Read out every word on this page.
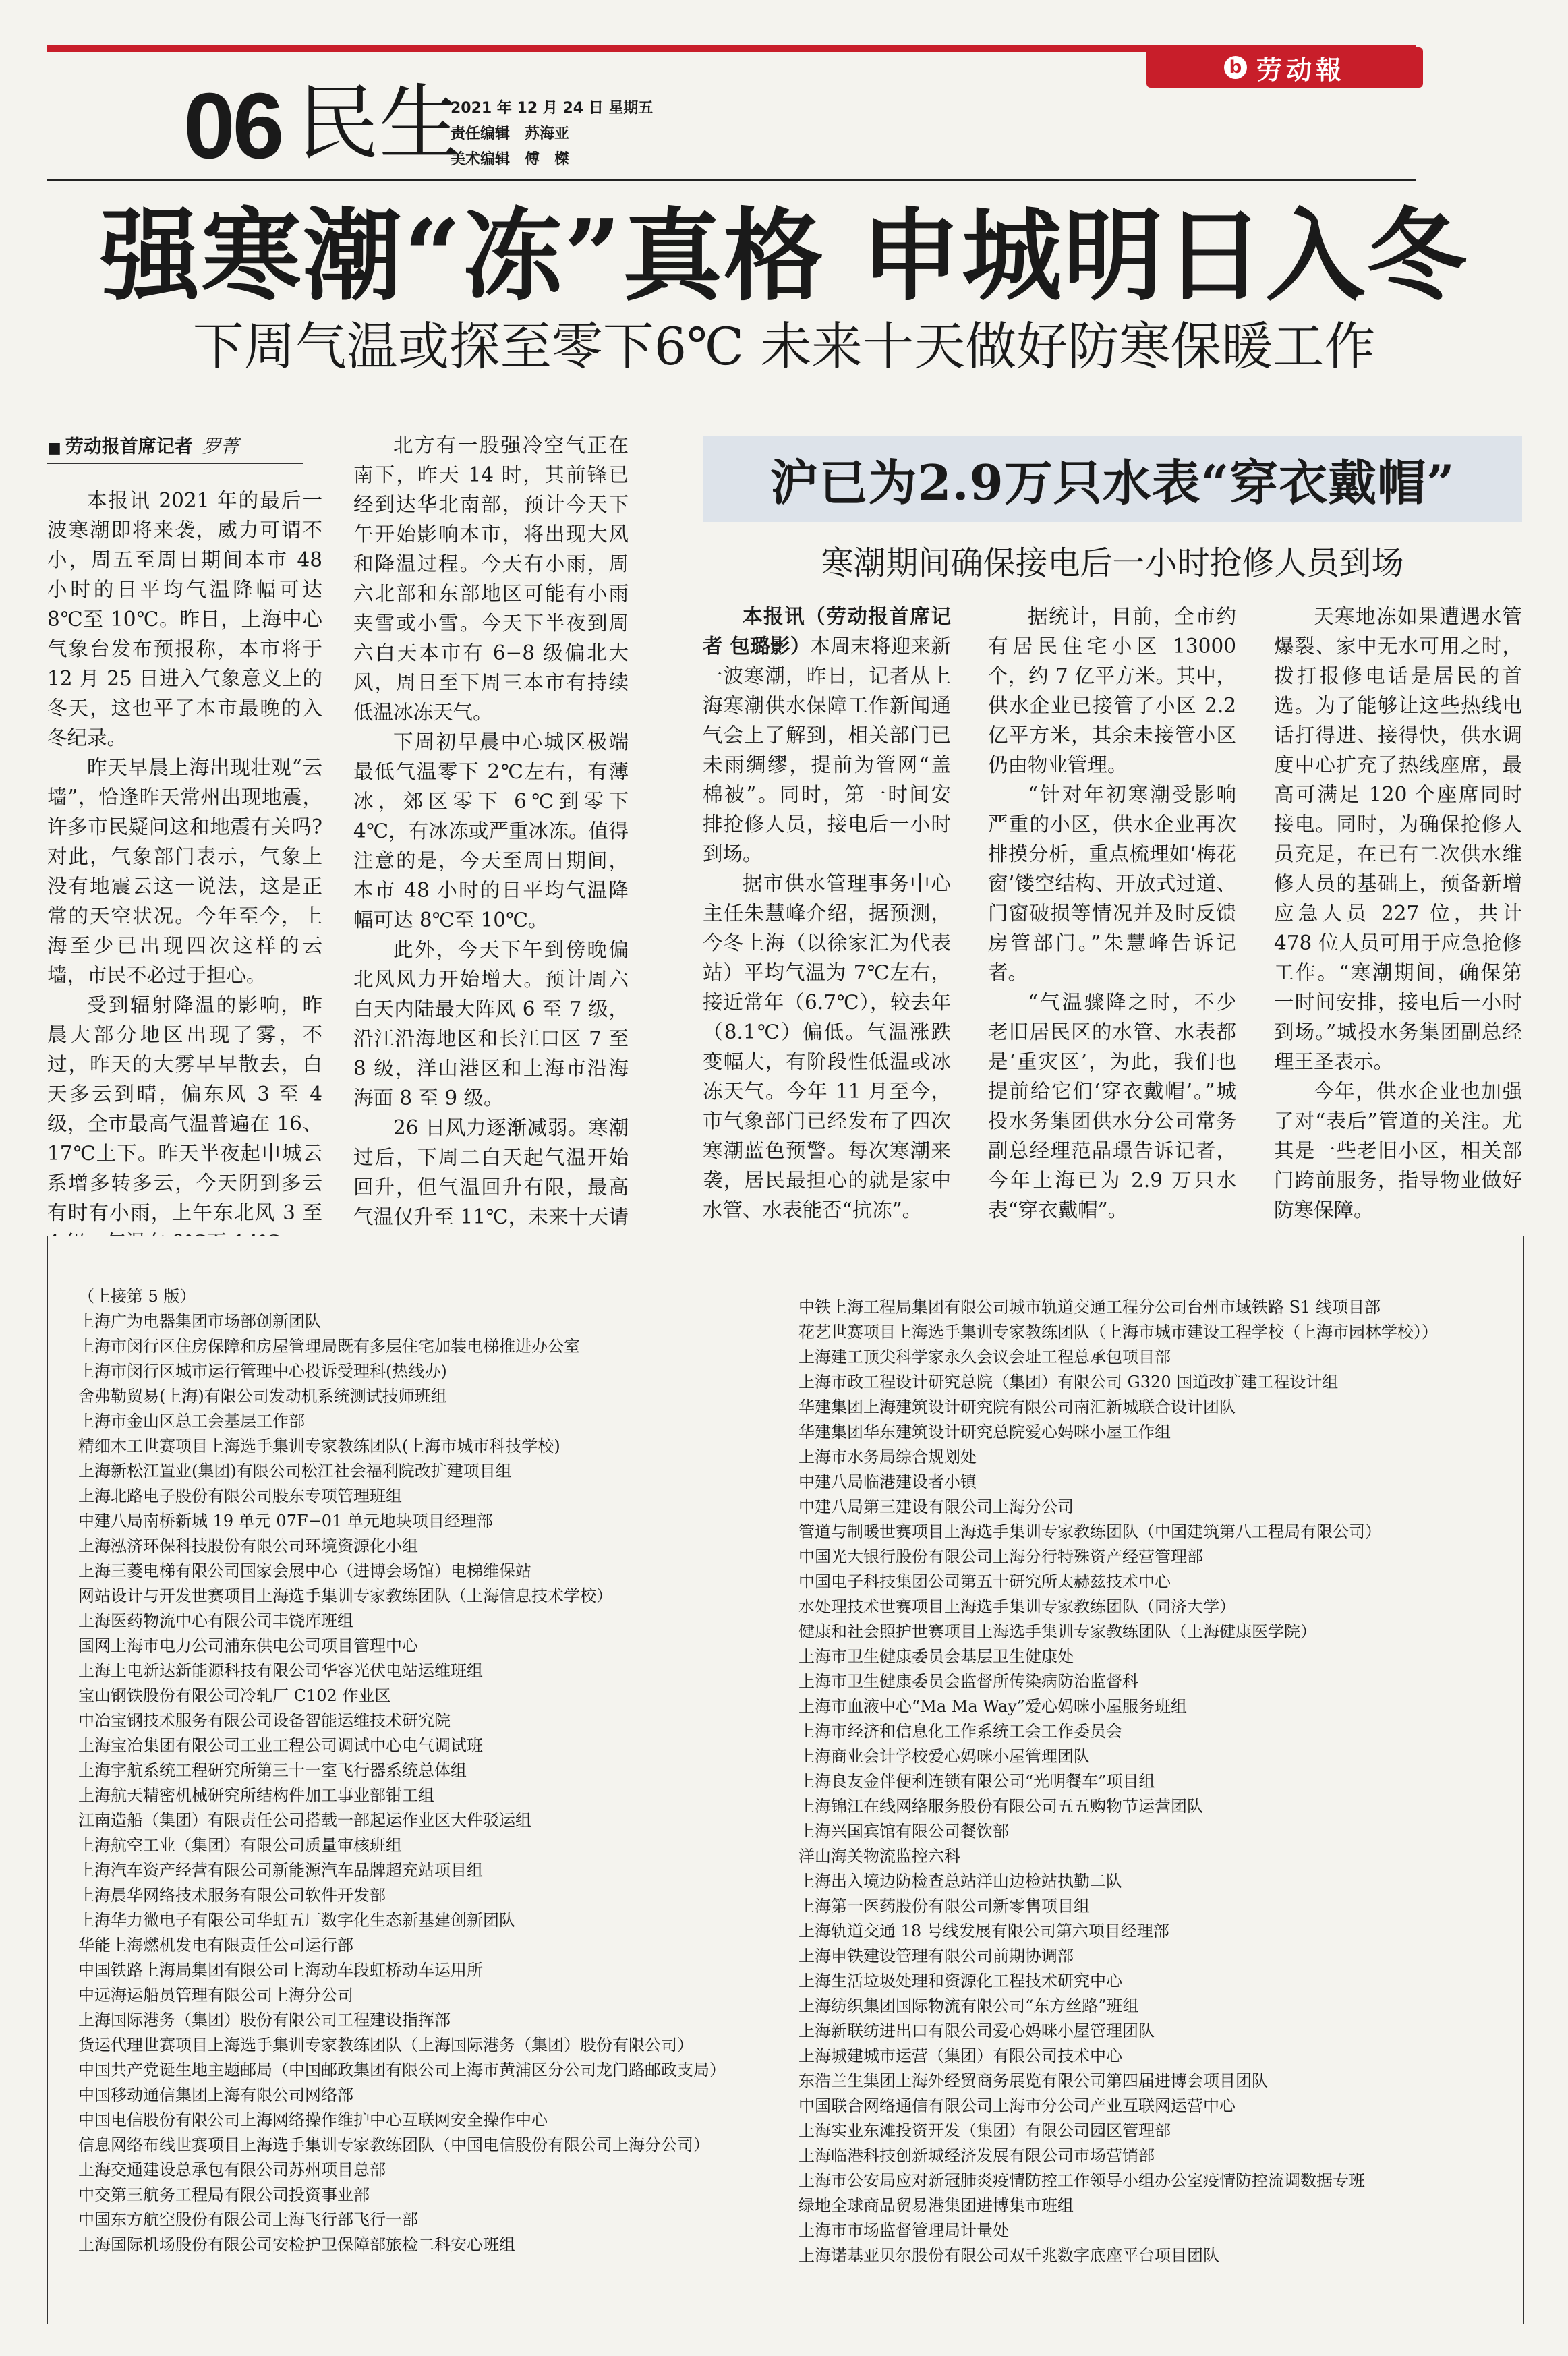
b 劳动報
06 民生
2021 年 12 月 24 日 星期五
责任编辑　 苏海亚
美术编辑　 傅　榤
强寒潮“冻”真格 申城明日入冬
下周气温或探至零下6℃ 未来十天做好防寒保暖工作
■ 劳动报首席记者 罗菁

本报讯 2021 年的最后一波寒潮即将来袭，威力可谓不小，周五至周日期间本市 48 小时的日平均气温降幅可达 8℃至 10℃。昨日，上海中心气象台发布预报称，本市将于 12 月 25 日进入气象意义上的冬天，这也平了本市最晚的入冬纪录。

昨天早晨上海出现壮观“云墙”，恰逢昨天常州出现地震，许多市民疑问这和地震有关吗?对此，气象部门表示，气象上没有地震云这一说法，这是正常的天空状况。今年至今，上海至少已出现四次这样的云墙，市民不必过于担心。

受到辐射降温的影响，昨晨大部分地区出现了雾，不过，昨天的大雾早早散去，白天多云到晴，偏东风 3 至 4 级，全市最高气温普遍在 16、17℃上下。昨天半夜起申城云系增多转多云，今天阴到多云有时有小雨，上午东北风 3 至

北方有一股强冷空气正在南下，昨天 14 时，其前锋已经到达华北南部，预计今天下午开始影响本市，将出现大风和降温过程。今天有小雨，周六北部和东部地区可能有小雨夹雪或小雪。今天下半夜到周六白天本市有 6−8 级偏北大风，周日至下周三本市有持续低温冰冻天气。

下周初早晨中心城区极端最低气温零下 2℃左右，有薄冰，郊区零下 6℃到零下 4℃，有冰冻或严重冰冻。值得注意的是，今天至周日期间，本市 48 小时的日平均气温降幅可达 8℃至 10℃。

此外，今天下午到傍晚偏北风风力开始增大。预计周六白天内陆最大阵风 6 至 7 级，沿江沿海地区和长江口区 7 至 8 级，洋山港区和上海市沿海海面 8 至 9 级。

26 日风力逐渐减弱。寒潮过后，下周二白天起气温开始回升，但气温回升有限，最高气温仅升至 11℃，未来十天请

沪已为2.9万只水表“穿衣戴帽”
寒潮期间确保接电后一小时抢修人员到场

本报讯（劳动报首席记者 包璐影）本周末将迎来新一波寒潮，昨日，记者从上海寒潮供水保障工作新闻通气会上了解到，相关部门已未雨绸缪，提前为管网“盖棉被”。同时，第一时间安排抢修人员，接电后一小时到场。

据市供水管理事务中心主任朱慧峰介绍，据预测，今冬上海（以徐家汇为代表站）平均气温为 7℃左右，接近常年（6.7℃），较去年（8.1℃）偏低。气温涨跌变幅大，有阶段性低温或冰冻天气。今年 11 月至今，市气象部门已经发布了四次寒潮蓝色预警。每次寒潮来袭，居民最担心的就是家中水管、水表能否“抗冻”。

据统计，目前，全市约有居民住宅小区 13000 个，约 7 亿平方米。其中，供水企业已接管了小区 2.2 亿平方米，其余未接管小区仍由物业管理。

“针对年初寒潮受影响严重的小区，供水企业再次排摸分析，重点梳理如‘梅花窗’镂空结构、开放式过道、门窗破损等情况并及时反馈房管部门。”朱慧峰告诉记者。

“气温骤降之时，不少老旧居民区的水管、水表都是‘重灾区’，为此，我们也提前给它们‘穿衣戴帽’。”城投水务集团供水分公司常务副总经理范晶璟告诉记者，今年上海已为 2.9 万只水表“穿衣戴帽”。

天寒地冻如果遭遇水管爆裂、家中无水可用之时，拨打报修电话是居民的首选。为了能够让这些热线电话打得进、接得快，供水调度中心扩充了热线座席，最高可满足 120 个座席同时接电。同时，为确保抢修人员充足，在已有二次供水维修人员的基础上，预备新增应急人员 227 位，共计 478 位人员可用于应急抢修工作。“寒潮期间，确保第一时间安排，接电后一小时到场。”城投水务集团副总经理王圣表示。

今年，供水企业也加强了对“表后”管道的关注。尤其是一些老旧小区，相关部门跨前服务，指导物业做好防寒保障。

（上接第 5 版）
上海广为电器集团市场部创新团队
上海市闵行区住房保障和房屋管理局既有多层住宅加装电梯推进办公室
上海市闵行区城市运行管理中心投诉受理科(热线办)
舍弗勒贸易(上海)有限公司发动机系统测试技师班组
上海市金山区总工会基层工作部
精细木工世赛项目上海选手集训专家教练团队(上海市城市科技学校)
上海新松江置业(集团)有限公司松江社会福利院改扩建项目组
上海北路电子股份有限公司股东专项管理班组
中建八局南桥新城 19 单元 07F−01 单元地块项目经理部
上海泓济环保科技股份有限公司环境资源化小组
上海三菱电梯有限公司国家会展中心（进博会场馆）电梯维保站
网站设计与开发世赛项目上海选手集训专家教练团队（上海信息技术学校）
上海医药物流中心有限公司丰饶库班组
国网上海市电力公司浦东供电公司项目管理中心
上海上电新达新能源科技有限公司华容光伏电站运维班组
宝山钢铁股份有限公司冷轧厂 C102 作业区
中冶宝钢技术服务有限公司设备智能运维技术研究院
上海宝冶集团有限公司工业工程公司调试中心电气调试班
上海宇航系统工程研究所第三十一室飞行器系统总体组
上海航天精密机械研究所结构件加工事业部钳工组
江南造船（集团）有限责任公司搭载一部起运作业区大件驳运组
上海航空工业（集团）有限公司质量审核班组
上海汽车资产经营有限公司新能源汽车品牌超充站项目组
上海晨华网络技术服务有限公司软件开发部
上海华力微电子有限公司华虹五厂数字化生态新基建创新团队
华能上海燃机发电有限责任公司运行部
中国铁路上海局集团有限公司上海动车段虹桥动车运用所
中远海运船员管理有限公司上海分公司
上海国际港务（集团）股份有限公司工程建设指挥部
货运代理世赛项目上海选手集训专家教练团队（上海国际港务（集团）股份有限公司）
中国共产党诞生地主题邮局（中国邮政集团有限公司上海市黄浦区分公司龙门路邮政支局）
中国移动通信集团上海有限公司网络部
中国电信股份有限公司上海网络操作维护中心互联网安全操作中心
信息网络布线世赛项目上海选手集训专家教练团队（中国电信股份有限公司上海分公司）
上海交通建设总承包有限公司苏州项目总部
中交第三航务工程局有限公司投资事业部
中国东方航空股份有限公司上海飞行部飞行一部
上海国际机场股份有限公司安检护卫保障部旅检二科安心班组
中铁上海工程局集团有限公司城市轨道交通工程分公司台州市域铁路 S1 线项目部
花艺世赛项目上海选手集训专家教练团队（上海市城市建设工程学校（上海市园林学校））
上海建工顶尖科学家永久会议会址工程总承包项目部
上海市政工程设计研究总院（集团）有限公司 G320 国道改扩建工程设计组
华建集团上海建筑设计研究院有限公司南汇新城联合设计团队
华建集团华东建筑设计研究总院爱心妈咪小屋工作组
上海市水务局综合规划处
中建八局临港建设者小镇
中建八局第三建设有限公司上海分公司
管道与制暖世赛项目上海选手集训专家教练团队（中国建筑第八工程局有限公司）
中国光大银行股份有限公司上海分行特殊资产经营管理部
中国电子科技集团公司第五十研究所太赫兹技术中心
水处理技术世赛项目上海选手集训专家教练团队（同济大学）
健康和社会照护世赛项目上海选手集训专家教练团队（上海健康医学院）
上海市卫生健康委员会基层卫生健康处
上海市卫生健康委员会监督所传染病防治监督科
上海市血液中心“Ma Ma Way”爱心妈咪小屋服务班组
上海市经济和信息化工作系统工会工作委员会
上海商业会计学校爱心妈咪小屋管理团队
上海良友金伴便利连锁有限公司“光明餐车”项目组
上海锦江在线网络服务股份有限公司五五购物节运营团队
上海兴国宾馆有限公司餐饮部
洋山海关物流监控六科
上海出入境边防检查总站洋山边检站执勤二队
上海第一医药股份有限公司新零售项目组
上海轨道交通 18 号线发展有限公司第六项目经理部
上海申铁建设管理有限公司前期协调部
上海生活垃圾处理和资源化工程技术研究中心
上海纺织集团国际物流有限公司“东方丝路”班组
上海新联纺进出口有限公司爱心妈咪小屋管理团队
上海城建城市运营（集团）有限公司技术中心
东浩兰生集团上海外经贸商务展览有限公司第四届进博会项目团队
中国联合网络通信有限公司上海市分公司产业互联网运营中心
上海实业东滩投资开发（集团）有限公司园区管理部
上海临港科技创新城经济发展有限公司市场营销部
上海市公安局应对新冠肺炎疫情防控工作领导小组办公室疫情防控流调数据专班
绿地全球商品贸易港集团进博集市班组
上海市市场监督管理局计量处
上海诺基亚贝尔股份有限公司双千兆数字底座平台项目团队
